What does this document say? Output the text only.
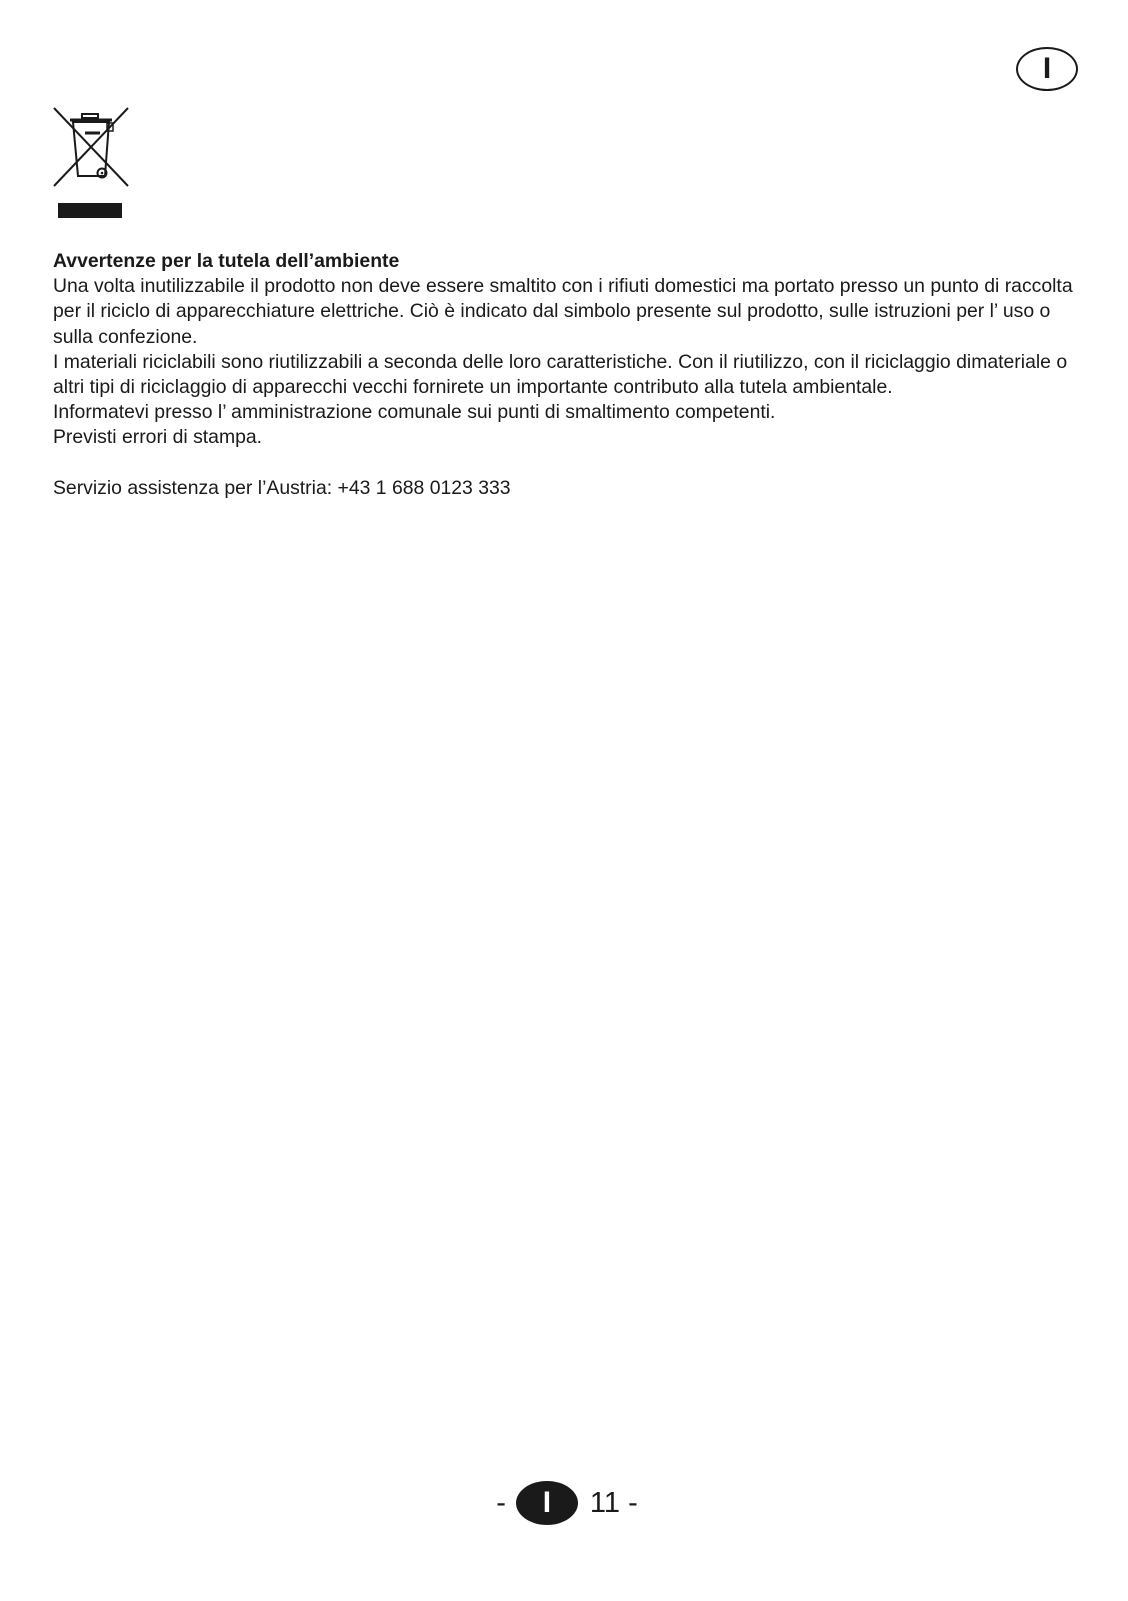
I

Avvertenze per la tutela dell’ambiente

Una volta inutilizzabile il prodotto non deve essere smaltito con i rifiuti domestici ma portato presso un punto di raccolta per il riciclo di apparecchiature elettriche. Ciò è indicato dal simbolo presente sul prodotto, sulle istruzioni per l’ uso o sulla confezione.

I materiali riciclabili sono riutilizzabili a seconda delle loro caratteristiche. Con il riutilizzo, con il riciclaggio dimateriale o altri tipi di riciclaggio di apparecchi vecchi fornirete un importante contributo alla tutela ambientale.

Informatevi presso l’ amministrazione comunale sui punti di smaltimento competenti.

Previsti errori di stampa.

Servizio assistenza per l’Austria: +43 1 688 0123 333

- I 11 -
